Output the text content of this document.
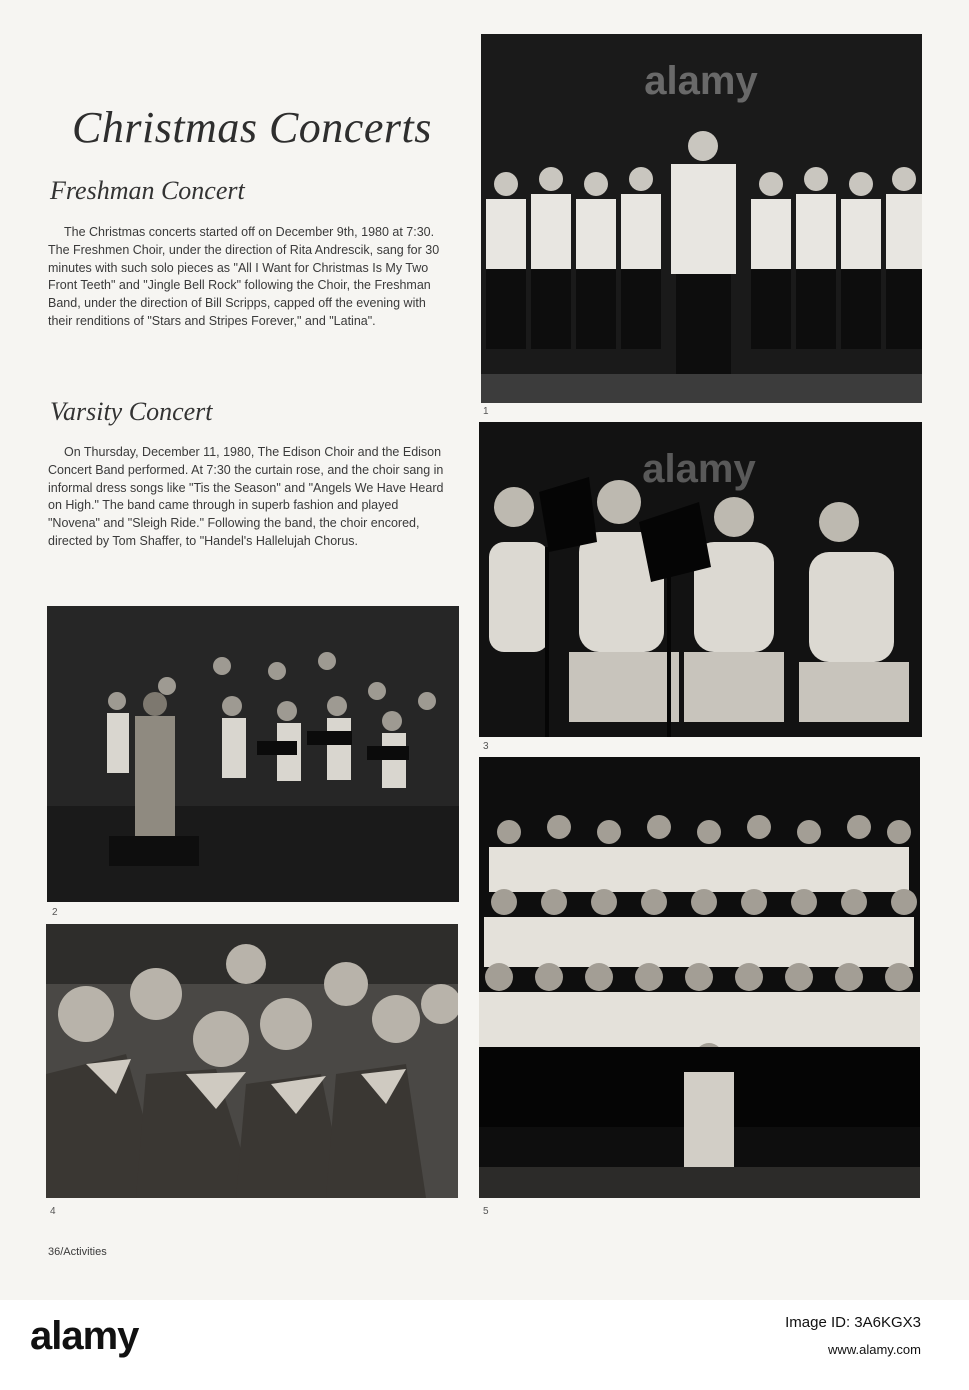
Christmas Concerts
Freshman Concert

The Christmas concerts started off on December 9th, 1980 at 7:30. The Freshmen Choir, under the direction of Rita Andrescik, sang for 30 minutes with such solo pieces as "All I Want for Christmas Is My Two Front Teeth" and "Jingle Bell Rock" following the Choir, the Freshman Band, under the direction of Bill Scripps, capped off the evening with their renditions of "Stars and Stripes Forever," and "Latina".

Varsity Concert

On Thursday, December 11, 1980, The Edison Choir and the Edison Concert Band performed. At 7:30 the curtain rose, and the choir sang in informal dress songs like "Tis the Season" and "Angels We Have Heard on High." The band came through in superb fashion and played "Novena" and "Sleigh Ride." Following the band, the choir encored, directed by Tom Shaffer, to "Handel's Hallelujah Chorus.

alamy
1
alamy
3
2
4	5
36/Activities
alamy	Image ID: 3A6KGX3
www.alamy.com
